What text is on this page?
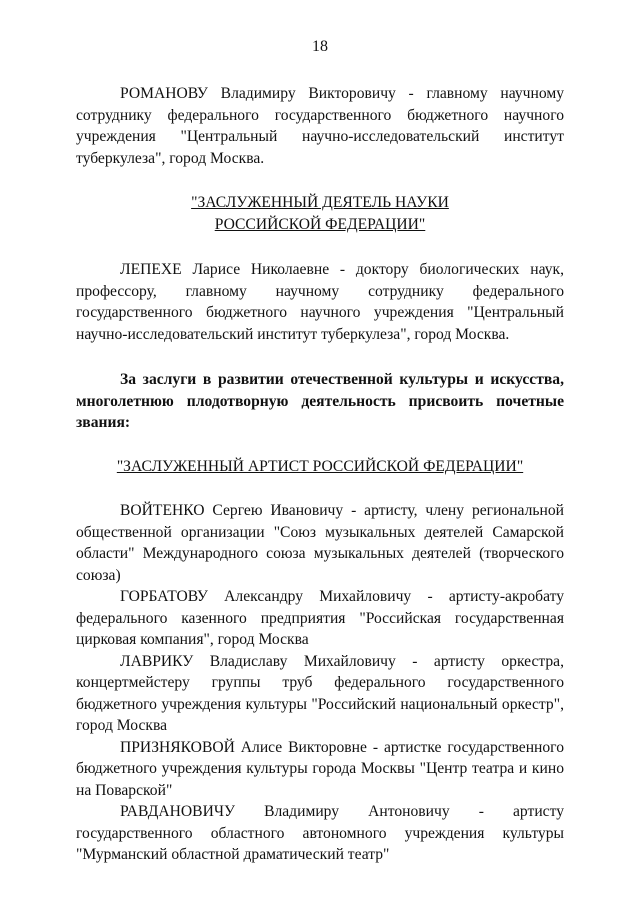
18

РОМАНОВУ Владимиру Викторовичу - главному научному сотруднику федерального государственного бюджетного научного учреждения "Центральный научно-исследовательский институт туберкулеза", город Москва.

"ЗАСЛУЖЕННЫЙ ДЕЯТЕЛЬ НАУКИ
РОССИЙСКОЙ ФЕДЕРАЦИИ"

ЛЕПЕХЕ Ларисе Николаевне - доктору биологических наук, профессору, главному научному сотруднику федерального государственного бюджетного научного учреждения "Центральный научно-исследовательский институт туберкулеза", город Москва.

За заслуги в развитии отечественной культуры и искусства, многолетнюю плодотворную деятельность присвоить почетные звания:

"ЗАСЛУЖЕННЫЙ АРТИСТ РОССИЙСКОЙ ФЕДЕРАЦИИ"

ВОЙТЕНКО Сергею Ивановичу - артисту, члену региональной общественной организации "Союз музыкальных деятелей Самарской области" Международного союза музыкальных деятелей (творческого союза)

ГОРБАТОВУ Александру Михайловичу - артисту-акробату федерального казенного предприятия "Российская государственная цирковая компания", город Москва

ЛАВРИКУ Владиславу Михайловичу - артисту оркестра, концертмейстеру группы труб федерального государственного бюджетного учреждения культуры "Российский национальный оркестр", город Москва

ПРИЗНЯКОВОЙ Алисе Викторовне - артистке государственного бюджетного учреждения культуры города Москвы "Центр театра и кино на Поварской"

РАВДАНОВИЧУ Владимиру Антоновичу - артисту государственного областного автономного учреждения культуры "Мурманский областной драматический театр"
